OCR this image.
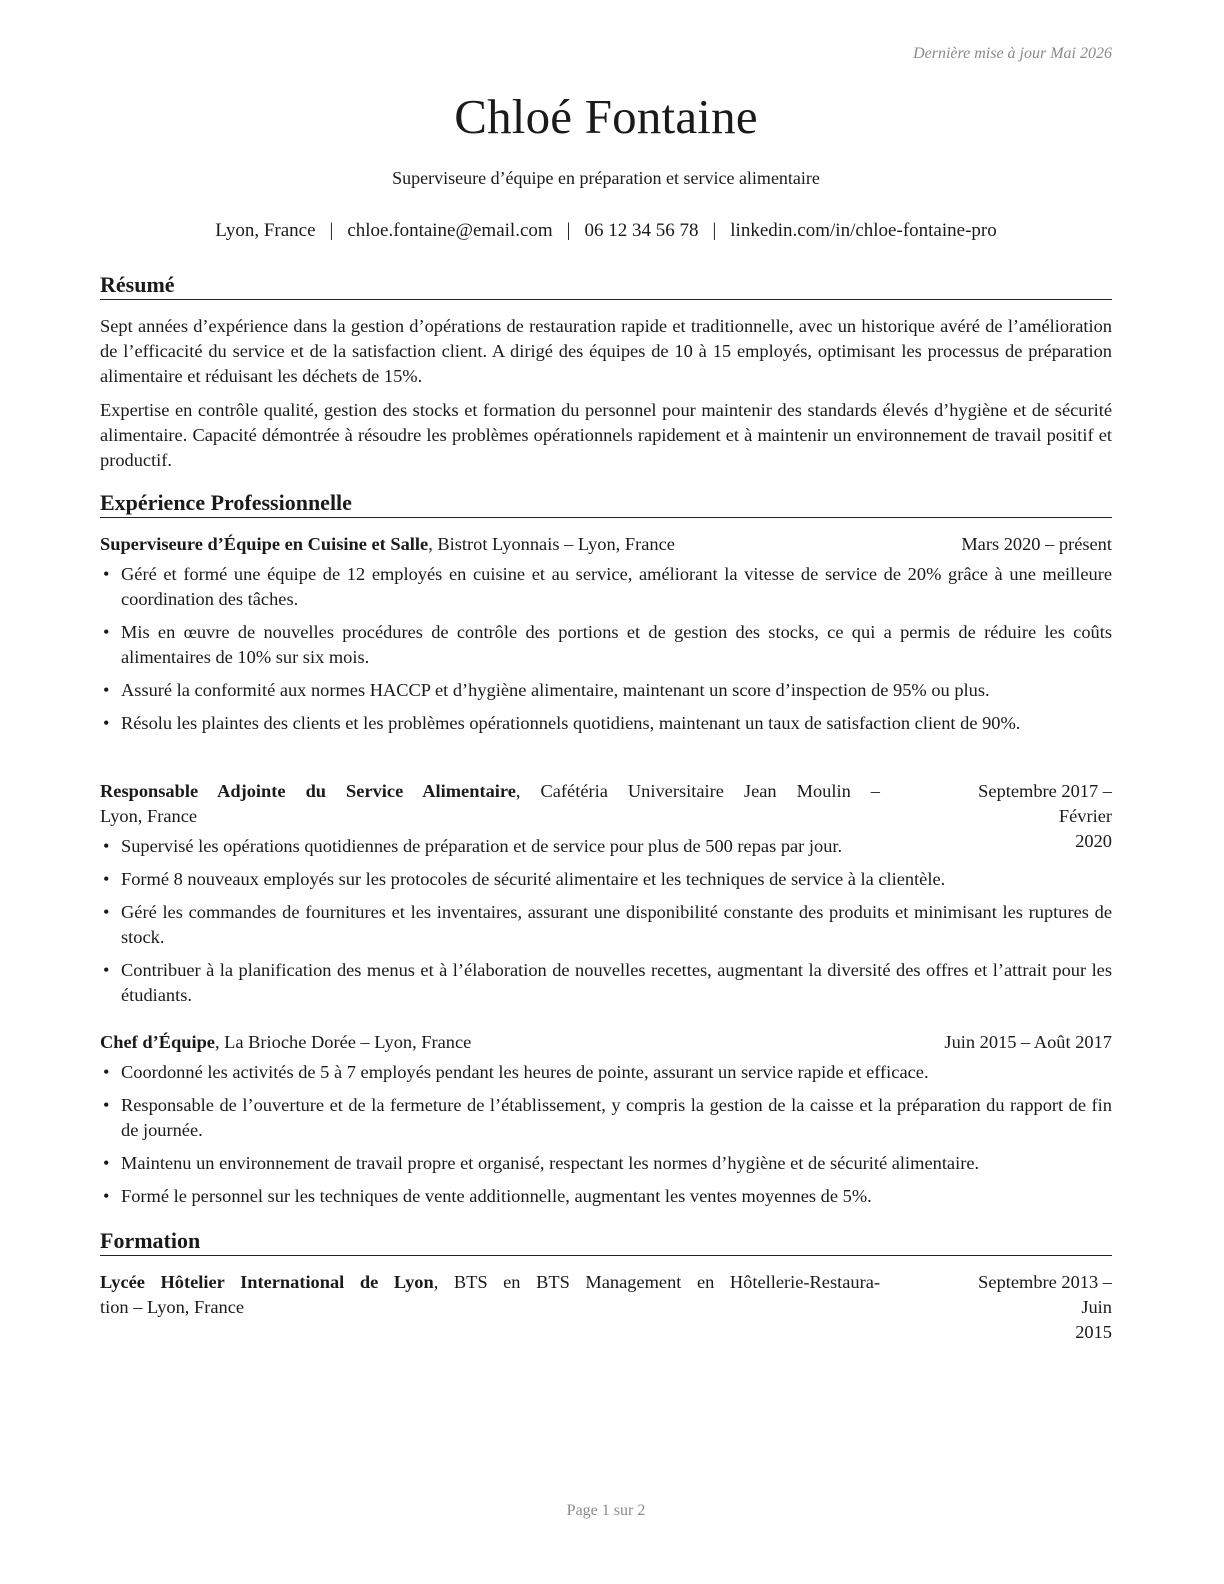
Dernière mise à jour Mai 2026
Chloé Fontaine
Superviseure d’équipe en préparation et service alimentaire
Lyon, France | chloe.fontaine@email.com | 06 12 34 56 78 | linkedin.com/in/chloe-fontaine-pro
Résumé
Sept années d’expérience dans la gestion d’opérations de restauration rapide et traditionnelle, avec un historique avéré de l’amélioration de l’efficacité du service et de la satisfaction client. A dirigé des équipes de 10 à 15 employés, optimisant les processus de préparation alimentaire et réduisant les déchets de 15%.
Expertise en contrôle qualité, gestion des stocks et formation du personnel pour maintenir des standards élevés d’hygiène et de sécurité alimentaire. Capacité démontrée à résoudre les problèmes opérationnels rapidement et à maintenir un environnement de travail positif et productif.
Expérience Professionnelle
Superviseure d’Équipe en Cuisine et Salle, Bistrot Lyonnais – Lyon, France	Mars 2020 – présent
• Géré et formé une équipe de 12 employés en cuisine et au service, améliorant la vitesse de service de 20% grâce à une meilleure coordination des tâches.
• Mis en œuvre de nouvelles procédures de contrôle des portions et de gestion des stocks, ce qui a permis de réduire les coûts alimentaires de 10% sur six mois.
• Assuré la conformité aux normes HACCP et d’hygiène alimentaire, maintenant un score d’inspection de 95% ou plus.
• Résolu les plaintes des clients et les problèmes opérationnels quotidiens, maintenant un taux de satisfaction client de 90%.
Responsable Adjointe du Service Alimentaire, Cafétéria Universitaire Jean Moulin –
Lyon, France
Septembre 2017 – Février
2020
• Supervisé les opérations quotidiennes de préparation et de service pour plus de 500 repas par jour.
• Formé 8 nouveaux employés sur les protocoles de sécurité alimentaire et les techniques de service à la clientèle.
• Géré les commandes de fournitures et les inventaires, assurant une disponibilité constante des produits et minimisant les ruptures de stock.
• Contribuer à la planification des menus et à l’élaboration de nouvelles recettes, augmentant la diversité des offres et l’attrait pour les étudiants.
Chef d’Équipe, La Brioche Dorée – Lyon, France	Juin 2015 – Août 2017
• Coordonné les activités de 5 à 7 employés pendant les heures de pointe, assurant un service rapide et efficace.
• Responsable de l’ouverture et de la fermeture de l’établissement, y compris la gestion de la caisse et la préparation du rapport de fin de journée.
• Maintenu un environnement de travail propre et organisé, respectant les normes d’hygiène et de sécurité alimentaire.
• Formé le personnel sur les techniques de vente additionnelle, augmentant les ventes moyennes de 5%.
Formation
Lycée Hôtelier International de Lyon, BTS en BTS Management en Hôtellerie-Restaura-
tion – Lyon, France
Septembre 2013 – Juin
2015
Page 1 sur 2
